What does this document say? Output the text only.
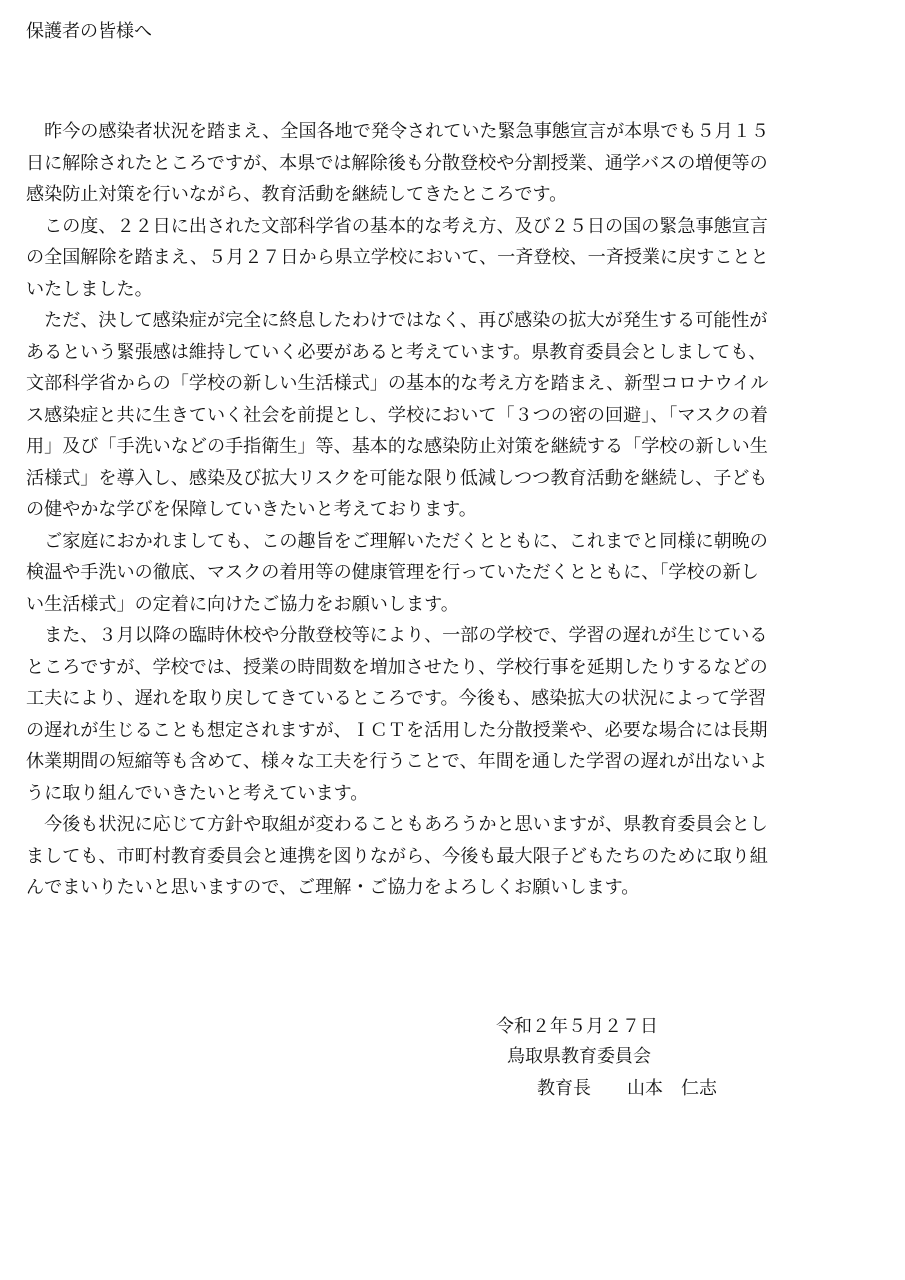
保護者の皆様へ
　昨今の感染者状況を踏まえ、全国各地で発令されていた緊急事態宣言が本県でも５月１５
日に解除されたところですが、本県では解除後も分散登校や分割授業、通学バスの増便等の
感染防止対策を行いながら、教育活動を継続してきたところです。
　この度、２２日に出された文部科学省の基本的な考え方、及び２５日の国の緊急事態宣言
の全国解除を踏まえ、５月２７日から県立学校において、一斉登校、一斉授業に戻すことと
いたしました。
　ただ、決して感染症が完全に終息したわけではなく、再び感染の拡大が発生する可能性が
あるという緊張感は維持していく必要があると考えています。県教育委員会としましても、
文部科学省からの「学校の新しい生活様式」の基本的な考え方を踏まえ、新型コロナウイル
ス感染症と共に生きていく社会を前提とし、学校において「３つの密の回避」、「マスクの着
用」及び「手洗いなどの手指衛生」等、基本的な感染防止対策を継続する「学校の新しい生
活様式」を導入し、感染及び拡大リスクを可能な限り低減しつつ教育活動を継続し、子ども
の健やかな学びを保障していきたいと考えております。
　ご家庭におかれましても、この趣旨をご理解いただくとともに、これまでと同様に朝晩の
検温や手洗いの徹底、マスクの着用等の健康管理を行っていただくとともに、「学校の新し
い生活様式」の定着に向けたご協力をお願いします。
　また、３月以降の臨時休校や分散登校等により、一部の学校で、学習の遅れが生じている
ところですが、学校では、授業の時間数を増加させたり、学校行事を延期したりするなどの
工夫により、遅れを取り戻してきているところです。今後も、感染拡大の状況によって学習
の遅れが生じることも想定されますが、ＩＣＴを活用した分散授業や、必要な場合には長期
休業期間の短縮等も含めて、様々な工夫を行うことで、年間を通した学習の遅れが出ないよ
うに取り組んでいきたいと考えています。
　今後も状況に応じて方針や取組が変わることもあろうかと思いますが、県教育委員会とし
ましても、市町村教育委員会と連携を図りながら、今後も最大限子どもたちのために取り組
んでまいりたいと思いますので、ご理解・ご協力をよろしくお願いします。
令和２年５月２７日
鳥取県教育委員会
教育長　　山本　仁志
